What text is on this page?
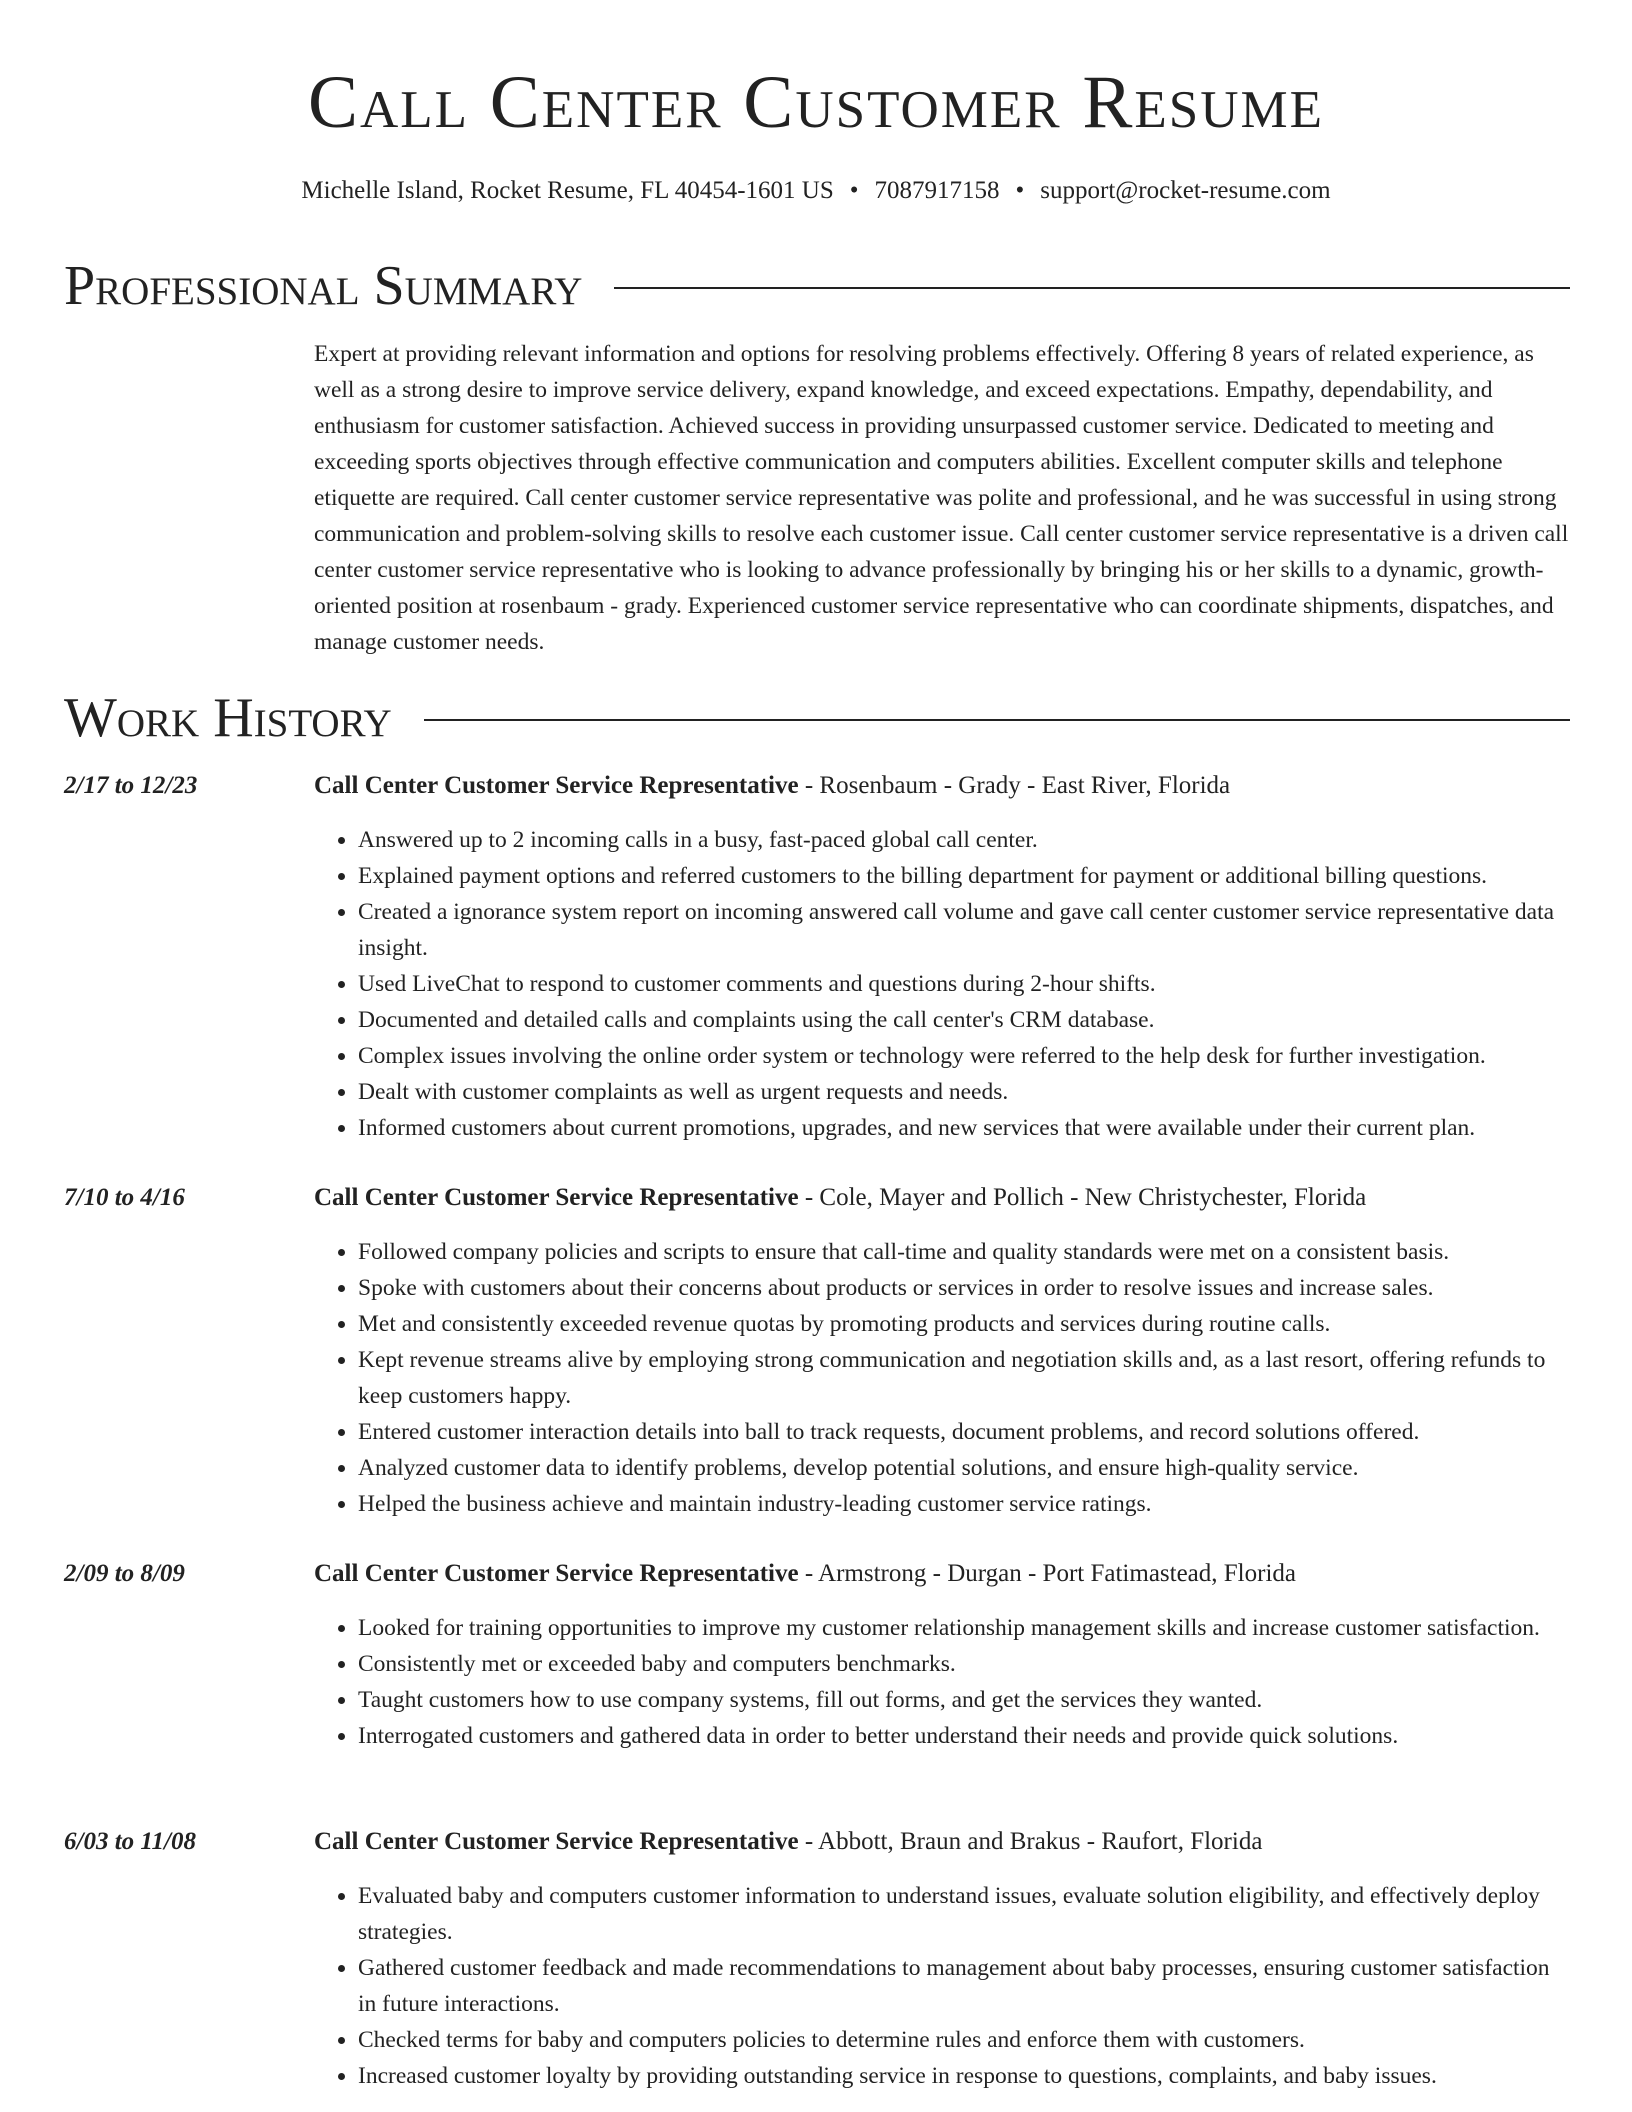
Call Center Customer Resume
Michelle Island, Rocket Resume, FL 40454-1601 US • 7087917158 • support@rocket-resume.com
Professional Summary

Expert at providing relevant information and options for resolving problems effectively. Offering 8 years of related experience, as well as a strong desire to improve service delivery, expand knowledge, and exceed expectations. Empathy, dependability, and enthusiasm for customer satisfaction. Achieved success in providing unsurpassed customer service. Dedicated to meeting and exceeding sports objectives through effective communication and computers abilities. Excellent computer skills and telephone etiquette are required. Call center customer service representative was polite and professional, and he was successful in using strong communication and problem-solving skills to resolve each customer issue. Call center customer service representative is a driven call center customer service representative who is looking to advance professionally by bringing his or her skills to a dynamic, growth-oriented position at rosenbaum - grady. Experienced customer service representative who can coordinate shipments, dispatches, and manage customer needs.

Work History
2/17 to 12/23	Call Center Customer Service Representative - Rosenbaum - Grady - East River, Florida
• Answered up to 2 incoming calls in a busy, fast-paced global call center.
• Explained payment options and referred customers to the billing department for payment or additional billing questions.
• Created a ignorance system report on incoming answered call volume and gave call center customer service representative data insight.
• Used LiveChat to respond to customer comments and questions during 2-hour shifts.
• Documented and detailed calls and complaints using the call center's CRM database.
• Complex issues involving the online order system or technology were referred to the help desk for further investigation.
• Dealt with customer complaints as well as urgent requests and needs.
• Informed customers about current promotions, upgrades, and new services that were available under their current plan.
7/10 to 4/16	Call Center Customer Service Representative - Cole, Mayer and Pollich - New Christychester, Florida
• Followed company policies and scripts to ensure that call-time and quality standards were met on a consistent basis.
• Spoke with customers about their concerns about products or services in order to resolve issues and increase sales.
• Met and consistently exceeded revenue quotas by promoting products and services during routine calls.
• Kept revenue streams alive by employing strong communication and negotiation skills and, as a last resort, offering refunds to keep customers happy.
• Entered customer interaction details into ball to track requests, document problems, and record solutions offered.
• Analyzed customer data to identify problems, develop potential solutions, and ensure high-quality service.
• Helped the business achieve and maintain industry-leading customer service ratings.
2/09 to 8/09	Call Center Customer Service Representative - Armstrong - Durgan - Port Fatimastead, Florida
• Looked for training opportunities to improve my customer relationship management skills and increase customer satisfaction.
• Consistently met or exceeded baby and computers benchmarks.
• Taught customers how to use company systems, fill out forms, and get the services they wanted.
• Interrogated customers and gathered data in order to better understand their needs and provide quick solutions.
6/03 to 11/08	Call Center Customer Service Representative - Abbott, Braun and Brakus - Raufort, Florida
• Evaluated baby and computers customer information to understand issues, evaluate solution eligibility, and effectively deploy strategies.
• Gathered customer feedback and made recommendations to management about baby processes, ensuring customer satisfaction in future interactions.
• Checked terms for baby and computers policies to determine rules and enforce them with customers.
• Increased customer loyalty by providing outstanding service in response to questions, complaints, and baby issues.
